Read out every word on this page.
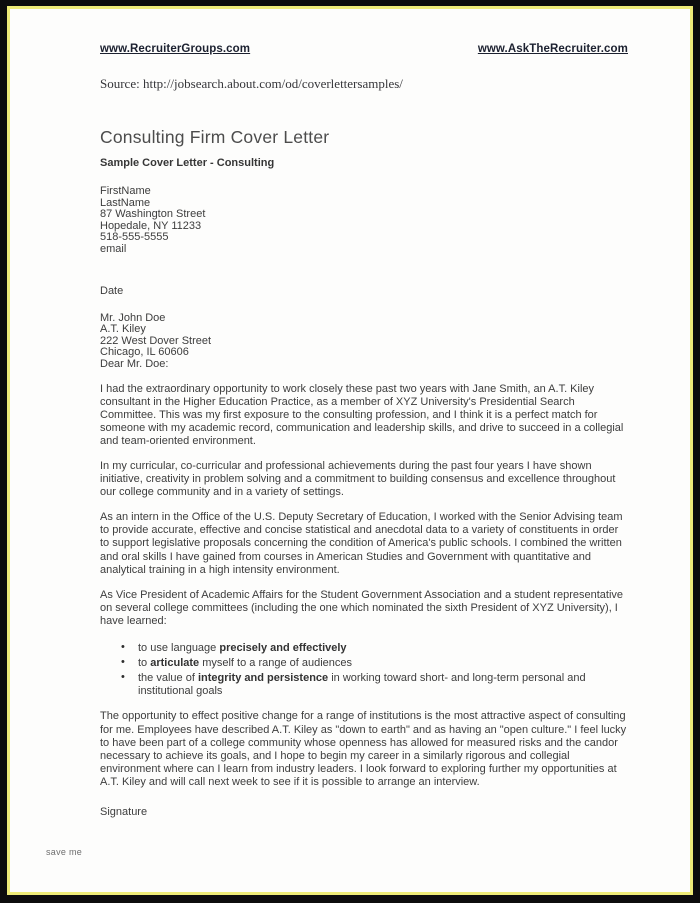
www.RecruiterGroups.com	www.AskTheRecruiter.com
Source: http://jobsearch.about.com/od/coverlettersamples/
Consulting Firm Cover Letter
Sample Cover Letter - Consulting
FirstName
LastName
87 Washington Street
Hopedale, NY 11233
518-555-5555
email
Date
Mr. John Doe
A.T. Kiley
222 West Dover Street
Chicago, IL 60606
Dear Mr. Doe:

I had the extraordinary opportunity to work closely these past two years with Jane Smith, an A.T. Kiley consultant in the Higher Education Practice, as a member of XYZ University's Presidential Search Committee. This was my first exposure to the consulting profession, and I think it is a perfect match for someone with my academic record, communication and leadership skills, and drive to succeed in a collegial and team-oriented environment.

In my curricular, co-curricular and professional achievements during the past four years I have shown initiative, creativity in problem solving and a commitment to building consensus and excellence throughout our college community and in a variety of settings.

As an intern in the Office of the U.S. Deputy Secretary of Education, I worked with the Senior Advising team to provide accurate, effective and concise statistical and anecdotal data to a variety of constituents in order to support legislative proposals concerning the condition of America's public schools. I combined the written and oral skills I have gained from courses in American Studies and Government with quantitative and analytical training in a high intensity environment.

As Vice President of Academic Affairs for the Student Government Association and a student representative on several college committees (including the one which nominated the sixth President of XYZ University), I have learned:

• to use language precisely and effectively
• to articulate myself to a range of audiences
• the value of integrity and persistence in working toward short- and long-term personal and institutional goals

The opportunity to effect positive change for a range of institutions is the most attractive aspect of consulting for me. Employees have described A.T. Kiley as "down to earth" and as having an "open culture." I feel lucky to have been part of a college community whose openness has allowed for measured risks and the candor necessary to achieve its goals, and I hope to begin my career in a similarly rigorous and collegial environment where can I learn from industry leaders. I look forward to exploring further my opportunities at A.T. Kiley and will call next week to see if it is possible to arrange an interview.

Signature
save me
